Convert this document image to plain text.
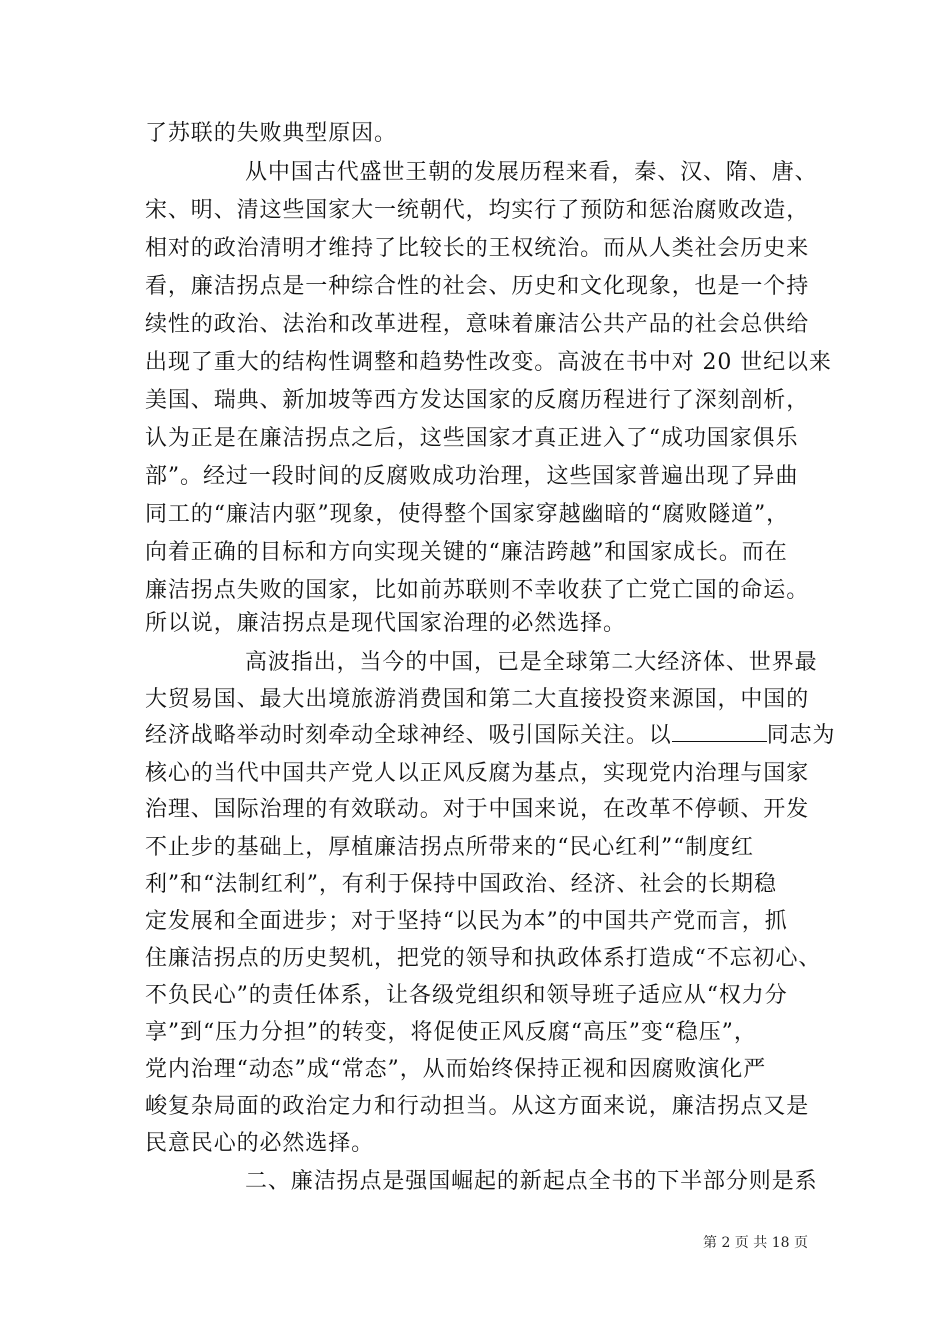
了苏联的失败典型原因。
从中国古代盛世王朝的发展历程来看，秦、汉、隋、唐、
宋、明、清这些国家大一统朝代，均实行了预防和惩治腐败改造，
相对的政治清明才维持了比较长的王权统治。而从人类社会历史来
看，廉洁拐点是一种综合性的社会、历史和文化现象，也是一个持
续性的政治、法治和改革进程，意味着廉洁公共产品的社会总供给
出现了重大的结构性调整和趋势性改变。高波在书中对 20 世纪以来
美国、瑞典、新加坡等西方发达国家的反腐历程进行了深刻剖析，
认为正是在廉洁拐点之后，这些国家才真正进入了“成功国家俱乐
部”。经过一段时间的反腐败成功治理，这些国家普遍出现了异曲
同工的“廉洁内驱”现象，使得整个国家穿越幽暗的“腐败隧道”，
向着正确的目标和方向实现关键的“廉洁跨越”和国家成长。而在
廉洁拐点失败的国家，比如前苏联则不幸收获了亡党亡国的命运。
所以说，廉洁拐点是现代国家治理的必然选择。
高波指出，当今的中国，已是全球第二大经济体、世界最
大贸易国、最大出境旅游消费国和第二大直接投资来源国，中国的
经济战略举动时刻牵动全球神经、吸引国际关注。以	同志为
核心的当代中国共产党人以正风反腐为基点，实现党内治理与国家
治理、国际治理的有效联动。对于中国来说，在改革不停顿、开发
不止步的基础上，厚植廉洁拐点所带来的“民心红利”“制度红
利”和“法制红利”，有利于保持中国政治、经济、社会的长期稳
定发展和全面进步；对于坚持“以民为本”的中国共产党而言，抓
住廉洁拐点的历史契机，把党的领导和执政体系打造成“不忘初心、
不负民心”的责任体系，让各级党组织和领导班子适应从“权力分
享”到“压力分担”的转变，将促使正风反腐“高压”变“稳压”，
党内治理“动态”成“常态”，从而始终保持正视和因腐败演化严
峻复杂局面的政治定力和行动担当。从这方面来说，廉洁拐点又是
民意民心的必然选择。
二、廉洁拐点是强国崛起的新起点全书的下半部分则是系
第 2 页 共 18 页
